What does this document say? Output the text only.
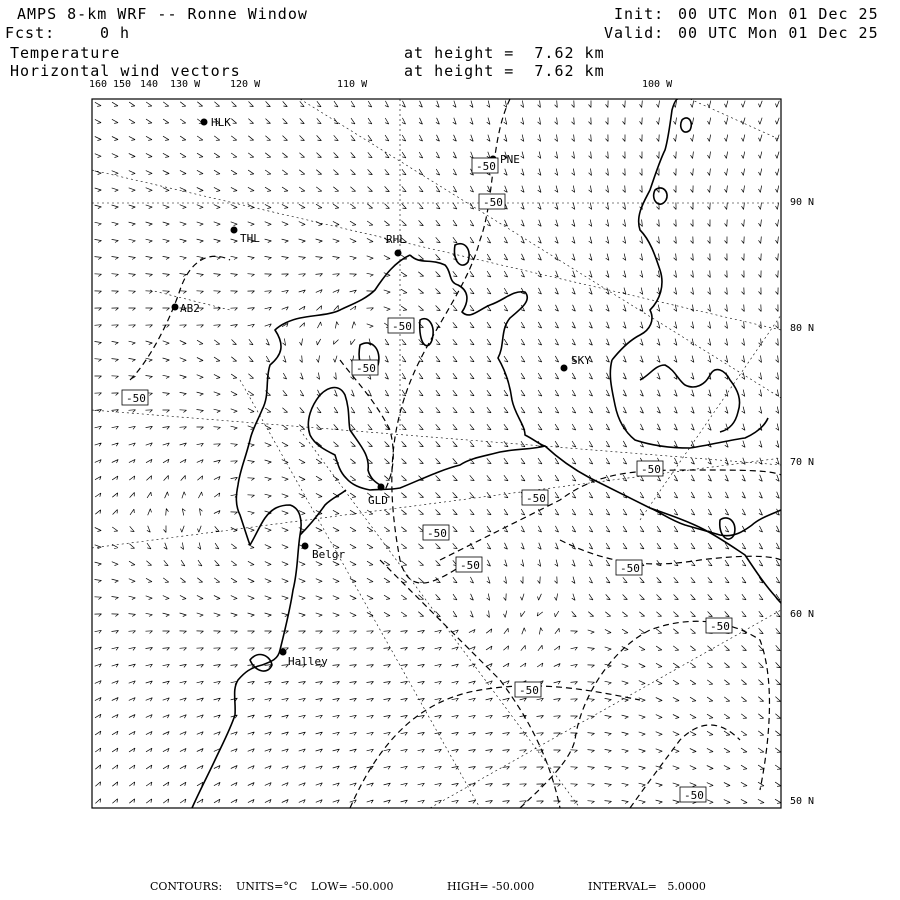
AMPS 8-km WRF -- Ronne Window
Fcst:	0 h
Init: 00 UTC Mon 01 Dec 25
Valid: 00 UTC Mon 01 Dec 25
Temperature
Horizontal wind vectors
at height =  7.62 km
at height =  7.62 km
160 150 140 130 W	120 W	110 W	100 W
90 N
80 N
70 N
60 N
50 N
HLK
PNE
THL	RHL
AB2
SKY
GLD
Belgr
Halley
-50
-50
-50
-50
-50
-50
-50
-50
-50	-50
-50
-50
-50
CONTOURS: UNITS=°C LOW= -50.000	HIGH= -50.000	INTERVAL=   5.0000
